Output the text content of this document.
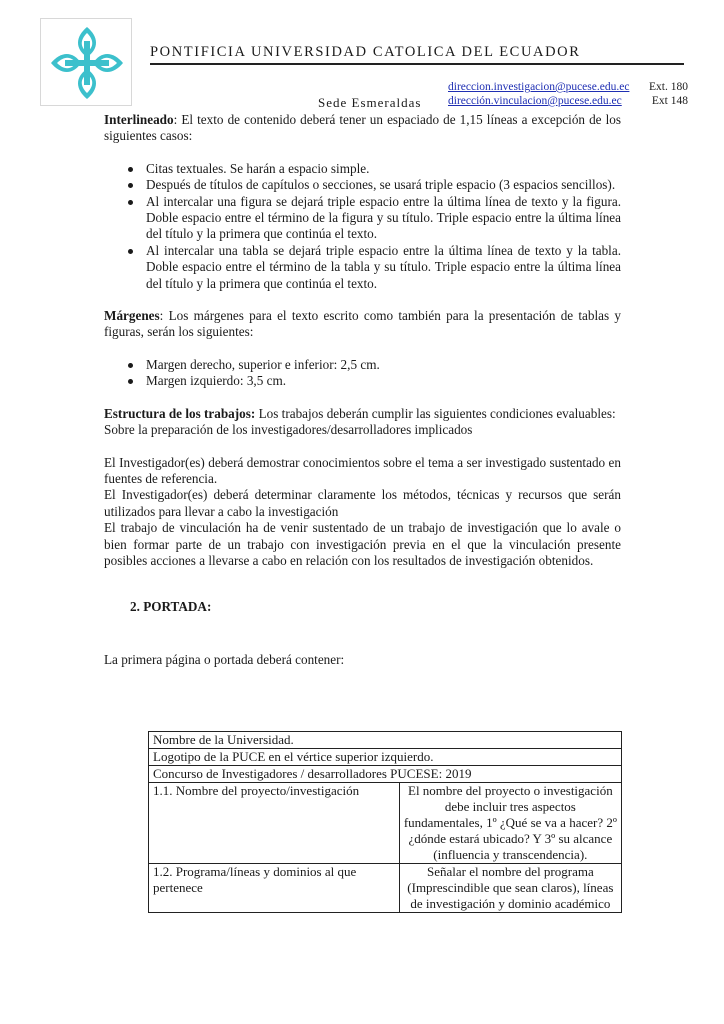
PONTIFICIA UNIVERSIDAD CATOLICA DEL ECUADOR
direccion.investigacion@pucese.edu.ec Ext. 180
dirección.vinculacion@pucese.edu.ec	Ext 148
Sede Esmeraldas

Interlineado: El texto de contenido deberá tener un espaciado de 1,15 líneas a excepción de los siguientes casos:

Citas textuales. Se harán a espacio simple.
Después de títulos de capítulos o secciones, se usará triple espacio (3 espacios sencillos).
Al intercalar una figura se dejará triple espacio entre la última línea de texto y la figura. Doble espacio entre el término de la figura y su título. Triple espacio entre la última línea del título y la primera que continúa el texto.
Al intercalar una tabla se dejará triple espacio entre la última línea de texto y la tabla. Doble espacio entre el término de la tabla y su título. Triple espacio entre la última línea del título y la primera que continúa el texto.

Márgenes: Los márgenes para el texto escrito como también para la presentación de tablas y figuras, serán los siguientes:

Margen derecho, superior e inferior: 2,5 cm.
Margen izquierdo: 3,5 cm.

Estructura de los trabajos: Los trabajos deberán cumplir las siguientes condiciones evaluables:

Sobre la preparación de los investigadores/desarrolladores implicados

El Investigador(es) deberá demostrar conocimientos sobre el tema a ser investigado sustentado en fuentes de referencia.

El Investigador(es) deberá determinar claramente los métodos, técnicas y recursos que serán utilizados para llevar a cabo la investigación

El trabajo de vinculación ha de venir sustentado de un trabajo de investigación que lo avale o bien formar parte de un trabajo con investigación previa en el que la vinculación presente posibles acciones a llevarse a cabo en relación con los resultados de investigación obtenidos.

2. PORTADA:

La primera página o portada deberá contener:

Nombre de la Universidad.	
Logotipo de la PUCE en el vértice superior izquierdo.	
Concurso de Investigadores / desarrolladores PUCESE: 2019	
1.1. Nombre del proyecto/investigación	El nombre del proyecto o investigación debe incluir tres aspectos fundamentales, 1º ¿Qué se va a hacer? 2º ¿dónde estará ubicado? Y 3º su alcance (influencia y transcendencia).
1.2. Programa/líneas y dominios al que pertenece	Señalar el nombre del programa (Imprescindible que sean claros), líneas de investigación y dominio académico
